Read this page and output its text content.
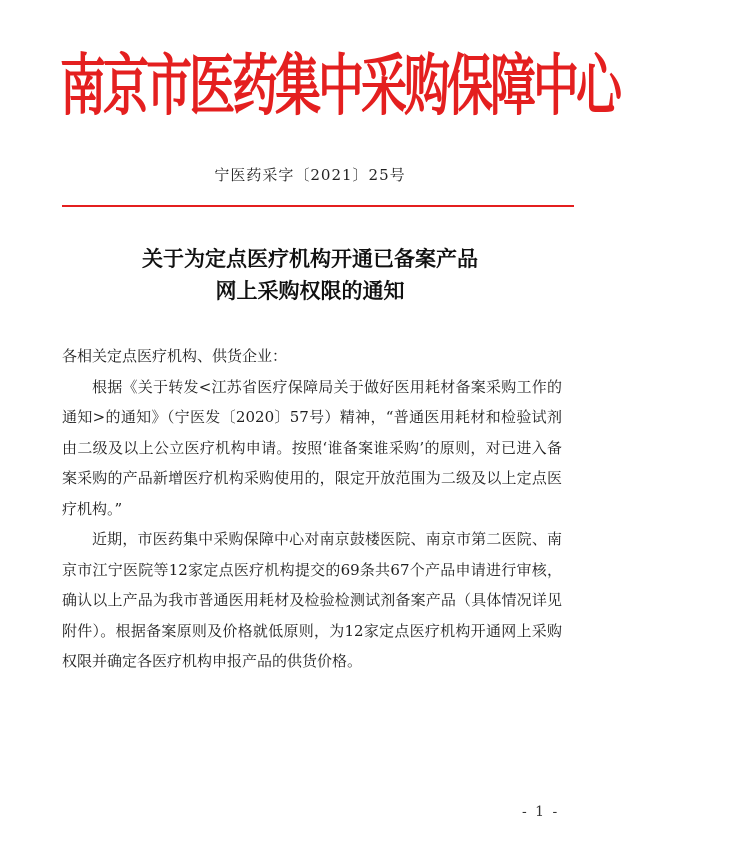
南京市医药集中采购保障中心
宁医药采字〔2021〕25号
关于为定点医疗机构开通已备案产品
网上采购权限的通知

各相关定点医疗机构、供货企业：

根据《关于转发<江苏省医疗保障局关于做好医用耗材备案采购工作的通知>的通知》（宁医发〔2020〕57号）精神，“普通医用耗材和检验试剂由二级及以上公立医疗机构申请。按照‘谁备案谁采购’的原则，对已进入备案采购的产品新增医疗机构采购使用的，限定开放范围为二级及以上定点医疗机构。”

近期，市医药集中采购保障中心对南京鼓楼医院、南京市第二医院、南京市江宁医院等12家定点医疗机构提交的69条共67个产品申请进行审核，确认以上产品为我市普通医用耗材及检验检测试剂备案产品（具体情况详见附件）。根据备案原则及价格就低原则，为12家定点医疗机构开通网上采购权限并确定各医疗机构申报产品的供货价格。

- 1 -
